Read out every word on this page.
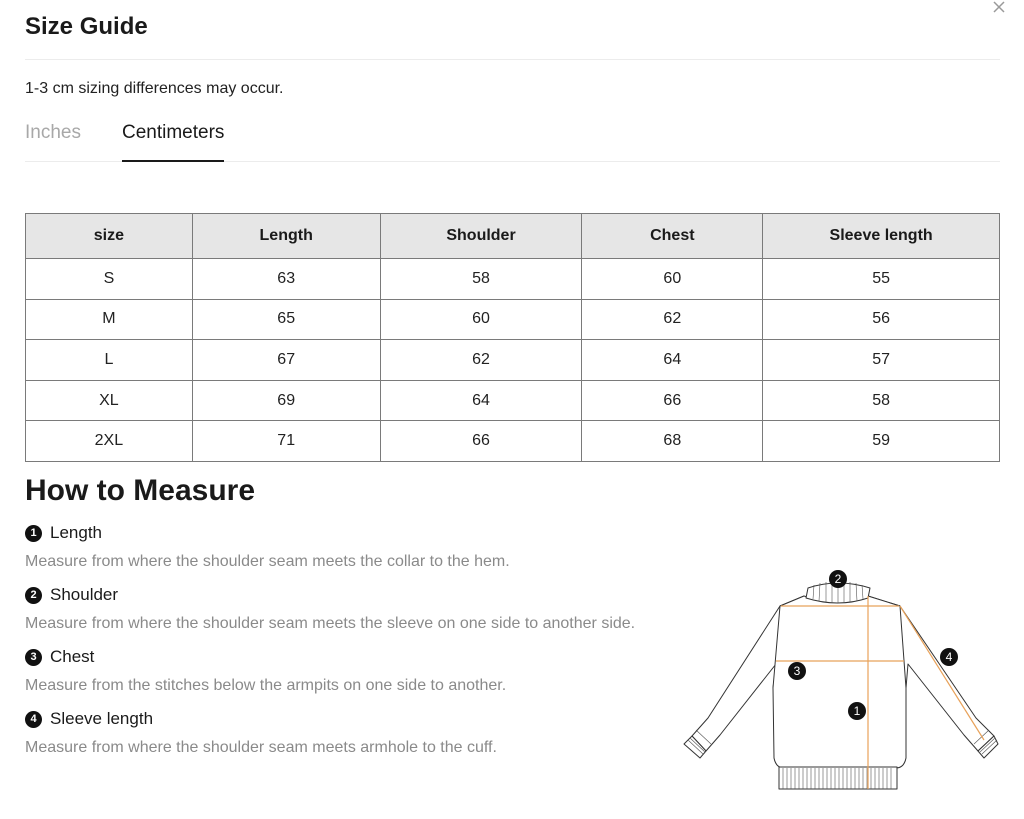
Size Guide
1-3 cm sizing differences may occur.
Inches Centimeters
size	Length	Shoulder	Chest	Sleeve length
S	63	58	60	55
M	65	60	62	56
L	67	62	64	57
XL	69	64	66	58
2XL	71	66	68	59
How to Measure
1 Length
Measure from where the shoulder seam meets the collar to the hem.
2 Shoulder
Measure from where the shoulder seam meets the sleeve on one side to another side.
3 Chest
Measure from the stitches below the armpits on one side to another.
4 Sleeve length
Measure from where the shoulder seam meets armhole to the cuff.
2
3
1
4
